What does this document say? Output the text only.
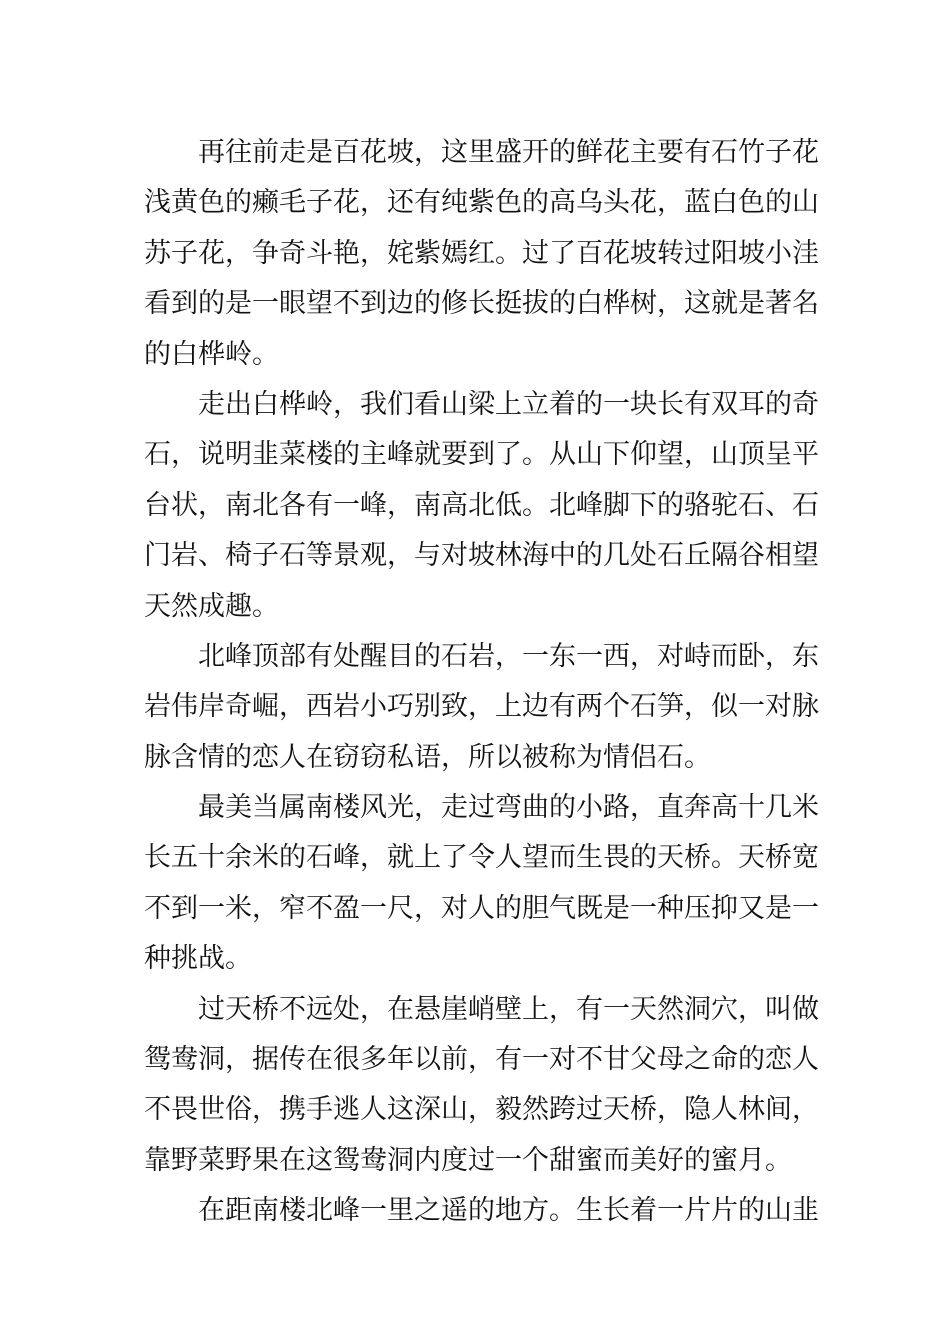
再往前走是百花坡，这里盛开的鲜花主要有石竹子花
浅黄色的癞毛子花，还有纯紫色的高乌头花，蓝白色的山
苏子花，争奇斗艳，姹紫嫣红。过了百花坡转过阳坡小洼
看到的是一眼望不到边的修长挺拔的白桦树，这就是著名
的白桦岭。
走出白桦岭，我们看山梁上立着的一块长有双耳的奇
石，说明韭菜楼的主峰就要到了。从山下仰望，山顶呈平
台状，南北各有一峰，南高北低。北峰脚下的骆驼石、石
门岩、椅子石等景观，与对坡林海中的几处石丘隔谷相望
天然成趣。
北峰顶部有处醒目的石岩，一东一西，对峙而卧，东
岩伟岸奇崛，西岩小巧别致，上边有两个石笋，似一对脉
脉含情的恋人在窃窃私语，所以被称为情侣石。
最美当属南楼风光，走过弯曲的小路，直奔高十几米
长五十余米的石峰，就上了令人望而生畏的天桥。天桥宽
不到一米，窄不盈一尺，对人的胆气既是一种压抑又是一
种挑战。
过天桥不远处，在悬崖峭壁上，有一天然洞穴，叫做
鸳鸯洞，据传在很多年以前，有一对不甘父母之命的恋人
不畏世俗，携手逃人这深山，毅然跨过天桥，隐人林间，
靠野菜野果在这鸳鸯洞内度过一个甜蜜而美好的蜜月。
在距南楼北峰一里之遥的地方。生长着一片片的山韭
